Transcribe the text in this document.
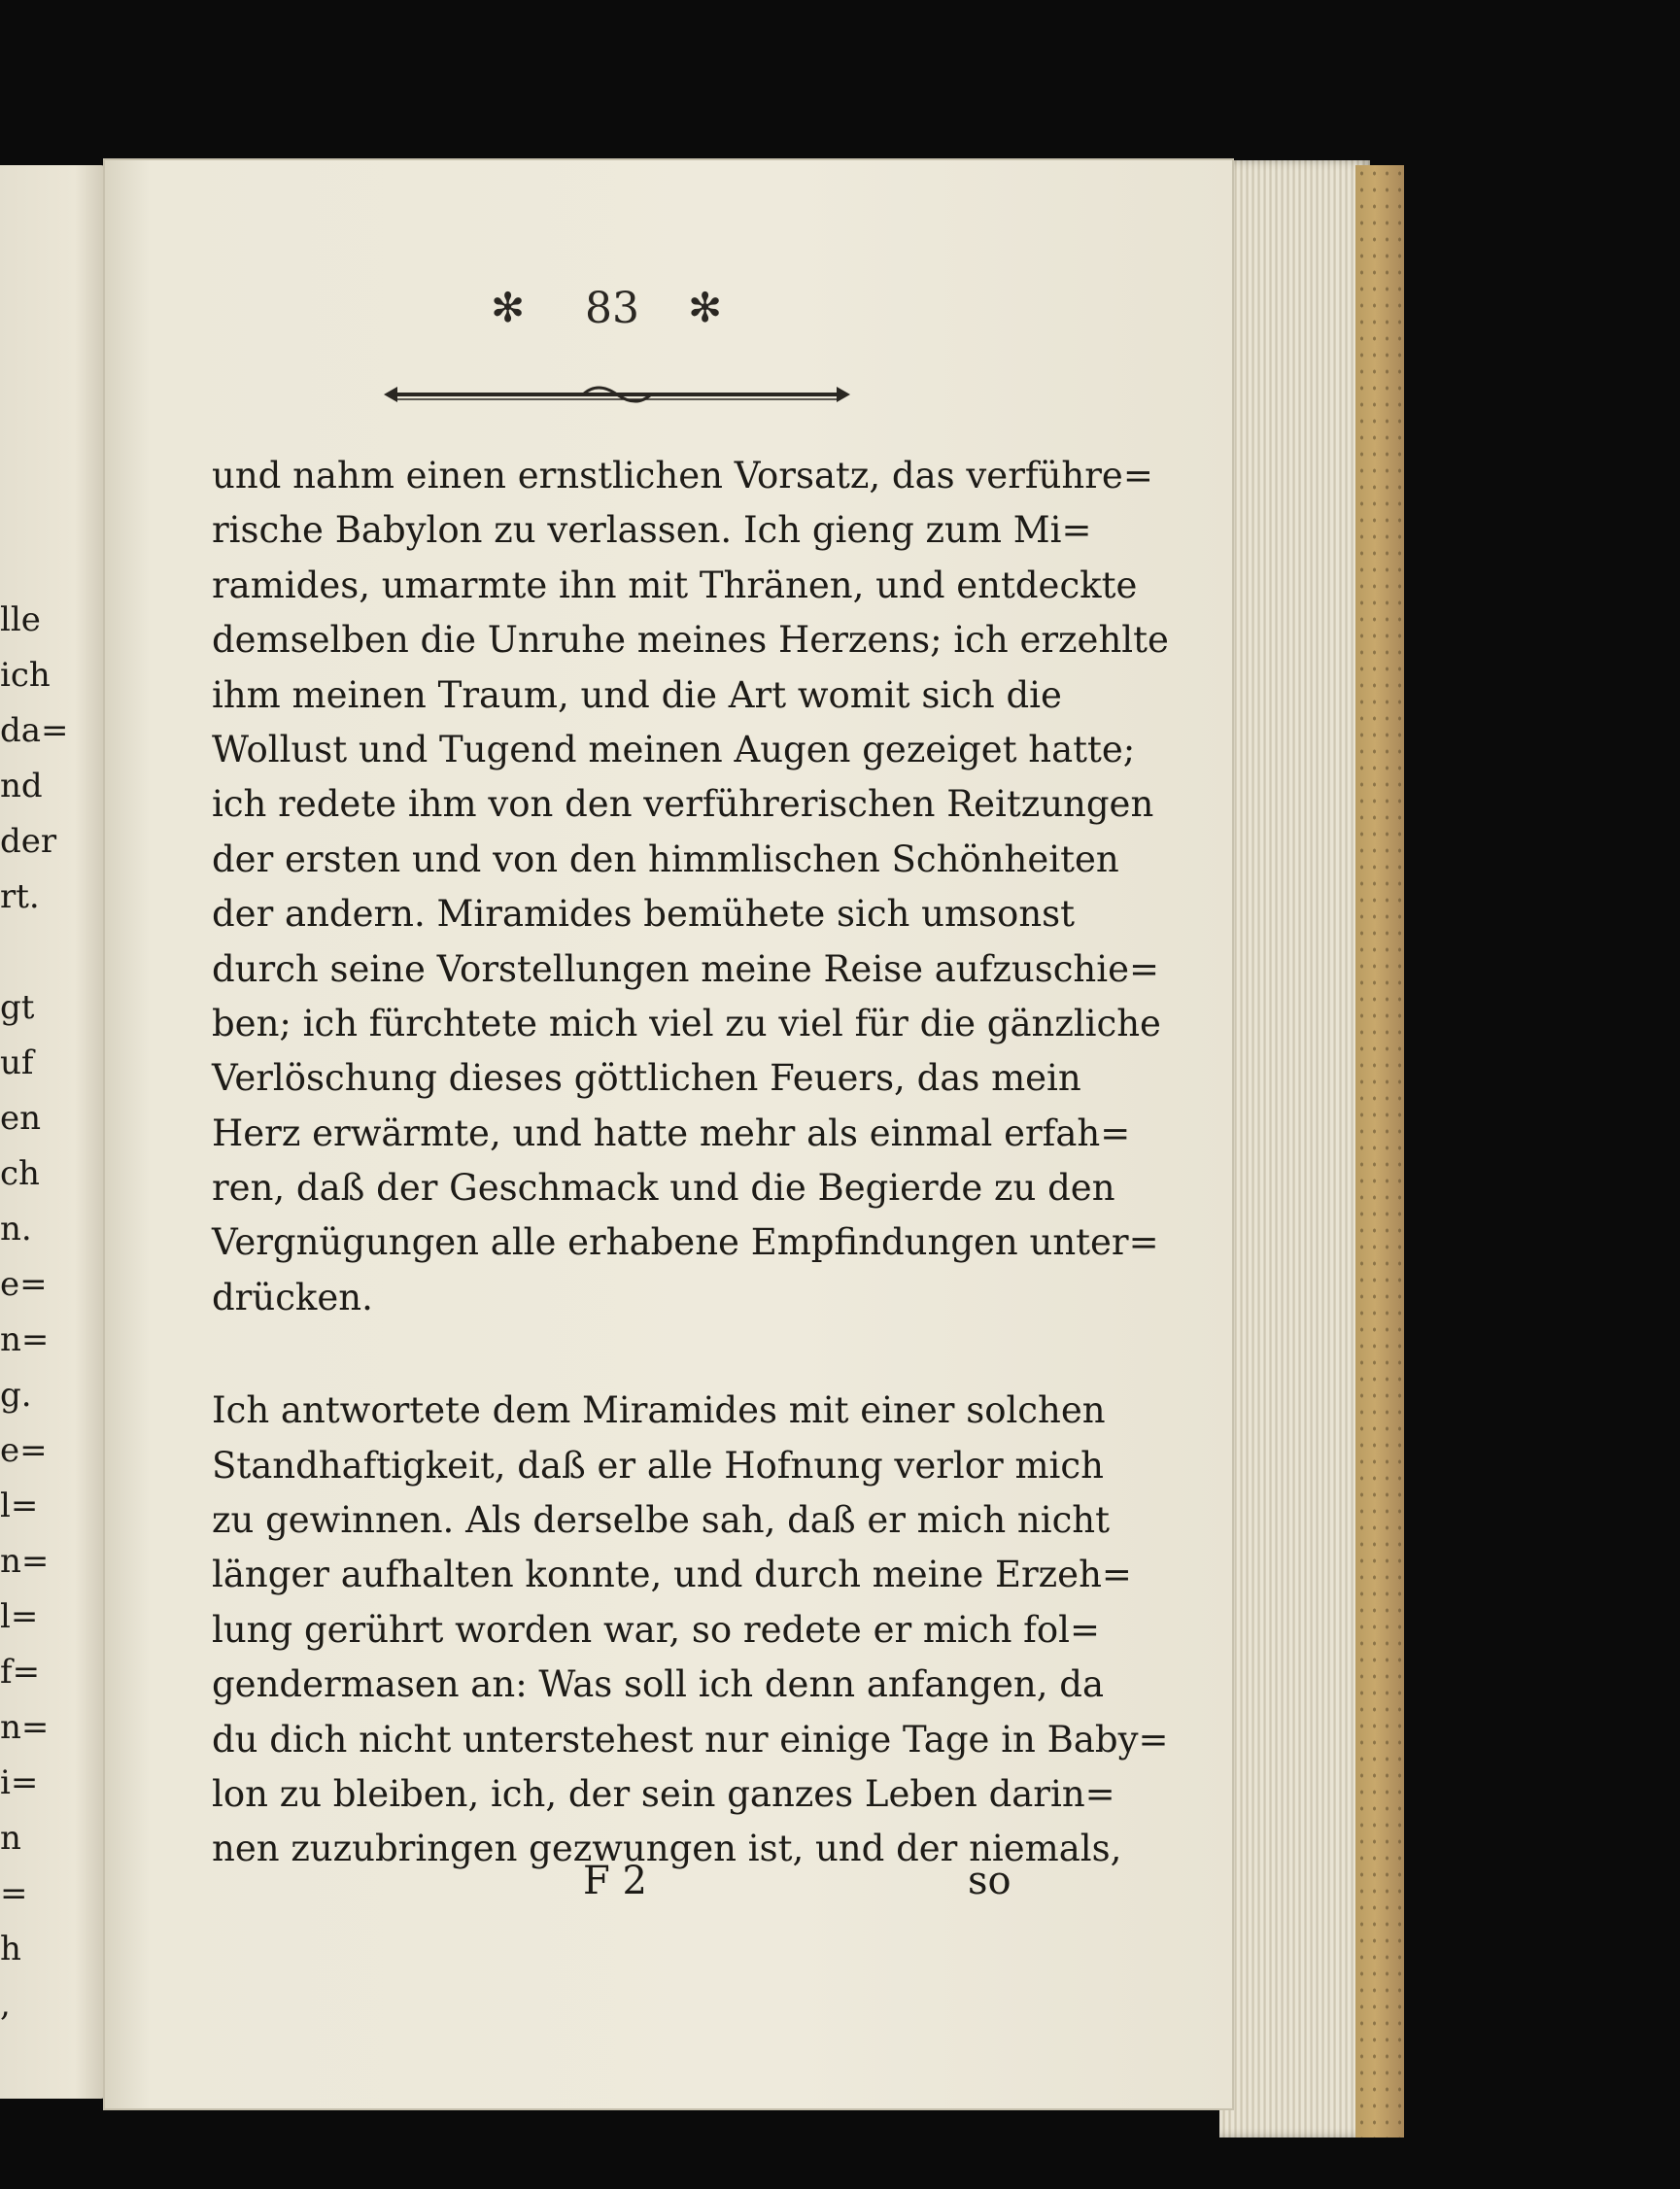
lle
ich
da=
nd
der
rt.
gt
uf
en
ch
n.
e=
n=
g.
e=
l=
n=
l=
f=
n=
i=
n
=
h
,
✻ 83 ✻
und nahm einen ernstlichen Vorsatz, das verführe=
rische Babylon zu verlassen. Ich gieng zum Mi=
ramides, umarmte ihn mit Thränen, und entdeckte
demselben die Unruhe meines Herzens; ich erzehlte
ihm meinen Traum, und die Art womit sich die
Wollust und Tugend meinen Augen gezeiget hatte;
ich redete ihm von den verführerischen Reitzungen
der ersten und von den himmlischen Schönheiten
der andern. Miramides bemühete sich umsonst
durch seine Vorstellungen meine Reise aufzuschie=
ben; ich fürchtete mich viel zu viel für die gänzliche
Verlöschung dieses göttlichen Feuers, das mein
Herz erwärmte, und hatte mehr als einmal erfah=
ren, daß der Geschmack und die Begierde zu den
Vergnügungen alle erhabene Empfindungen unter=
drücken.
Ich antwortete dem Miramides mit einer solchen
Standhaftigkeit, daß er alle Hofnung verlor mich
zu gewinnen. Als derselbe sah, daß er mich nicht
länger aufhalten konnte, und durch meine Erzeh=
lung gerührt worden war, so redete er mich fol=
gendermasen an: Was soll ich denn anfangen, da
du dich nicht unterstehest nur einige Tage in Baby=
lon zu bleiben, ich, der sein ganzes Leben darin=
nen zuzubringen gezwungen ist, und der niemals,
F 2	so
